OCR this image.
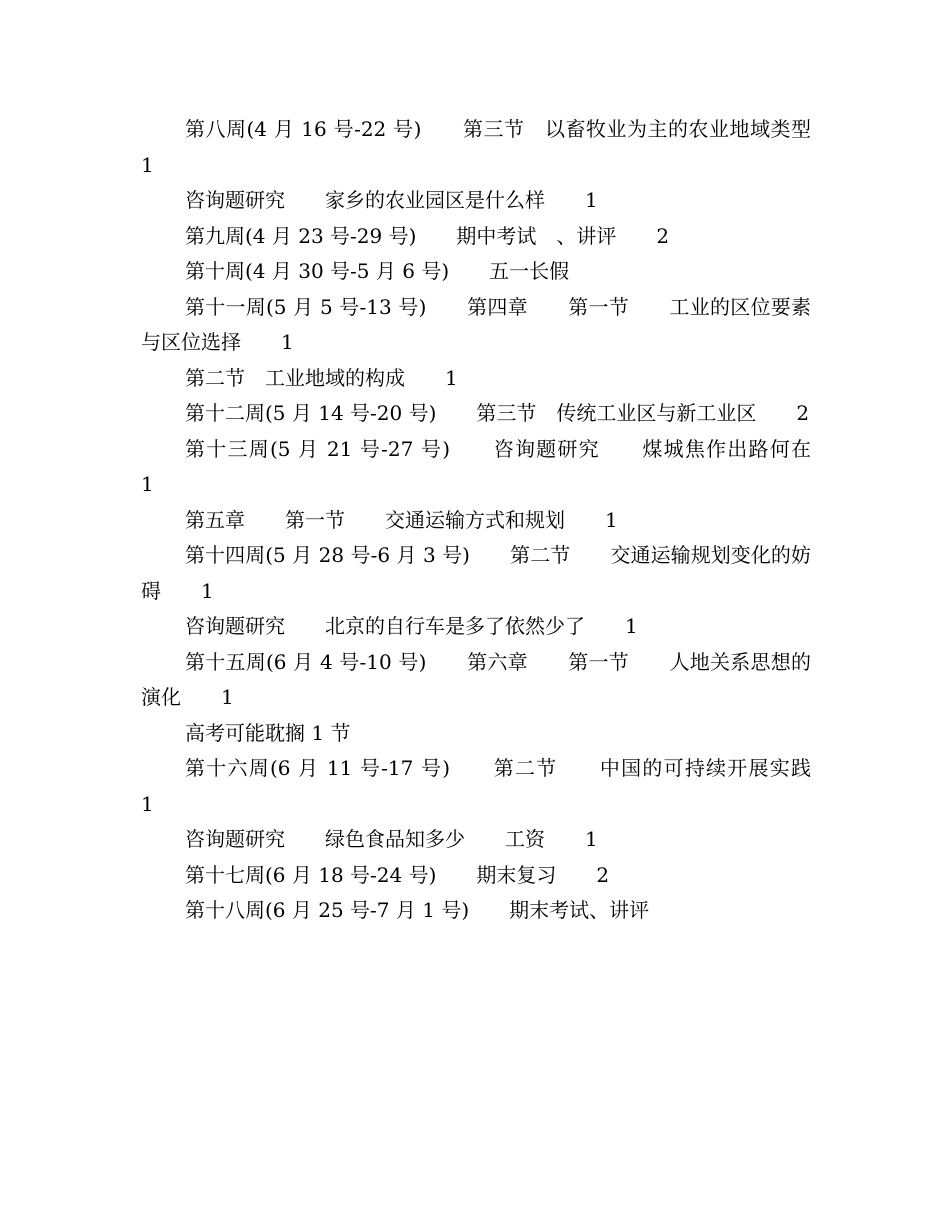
第八周(4 月 16 号-22 号)　　第三节　以畜牧业为主的农业地域类型　　1

咨询题研究　　家乡的农业园区是什么样　　1

第九周(4 月 23 号-29 号)　　期中考试　、讲评　　2

第十周(4 月 30 号-5 月 6 号)　　五一长假

第十一周(5 月 5 号-13 号)　　第四章　　第一节　　工业的区位要素与区位选择　　1

第二节　工业地域的构成　　1

第十二周(5 月 14 号-20 号)　　第三节　传统工业区与新工业区　　2

第十三周(5 月 21 号-27 号)　　咨询题研究　　煤城焦作出路何在　　1

第五章　　第一节　　交通运输方式和规划　　1

第十四周(5 月 28 号-6 月 3 号)　　第二节　　交通运输规划变化的妨碍　　1

咨询题研究　　北京的自行车是多了依然少了　　1

第十五周(6 月 4 号-10 号)　　第六章　　第一节　　人地关系思想的演化　　1

高考可能耽搁 1 节

第十六周(6 月 11 号-17 号)　　第二节　　中国的可持续开展实践　　1

咨询题研究　　绿色食品知多少　　工资　　1

第十七周(6 月 18 号-24 号)　　期末复习　　2

第十八周(6 月 25 号-7 月 1 号)　　期末考试、讲评
